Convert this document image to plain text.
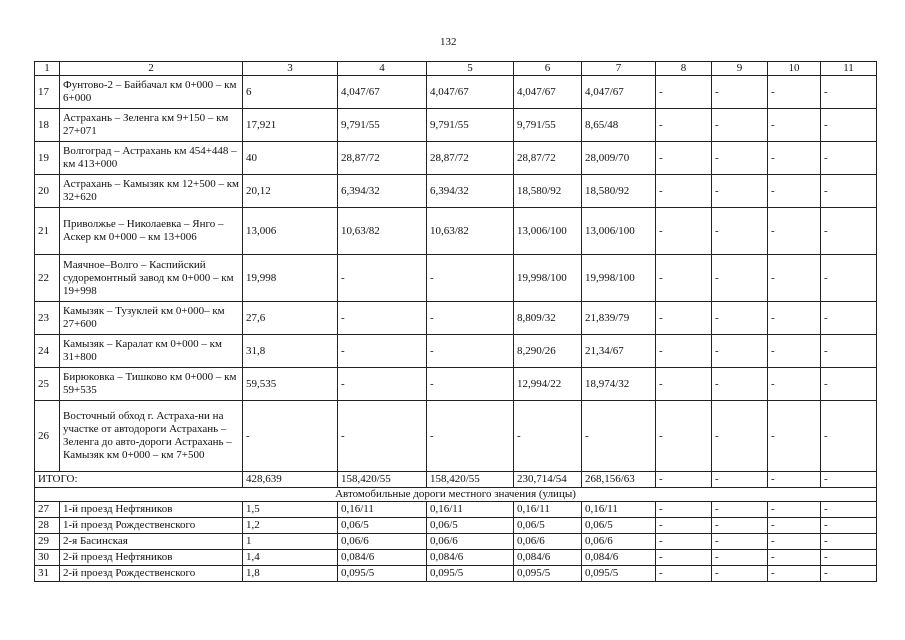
132
1	2	3	4	5	6	7	8	9	10	11
17	Фунтово-2 – Байбачал км 0+000 – км 6+000	6	4,047/67	4,047/67	4,047/67	4,047/67	-	-	-	-
18	Астрахань – Зеленга км 9+150 – км 27+071	17,921	9,791/55	9,791/55	9,791/55	8,65/48	-	-	-	-
19	Волгоград – Астрахань км 454+448 – км 413+000	40	28,87/72	28,87/72	28,87/72	28,009/70	-	-	-	-
20	Астрахань – Камызяк км 12+500 – км 32+620	20,12	6,394/32	6,394/32	18,580/92	18,580/92	-	-	-	-
21	Приволжье – Николаевка – Янго – Аскер км 0+000 – км 13+006	13,006	10,63/82	10,63/82	13,006/100	13,006/100	-	-	-	-
22	Маячное–Волго – Каспийский судоремонтный завод км 0+000 – км 19+998	19,998	-	-	19,998/100	19,998/100	-	-	-	-
23	Камызяк – Тузуклей км 0+000– км 27+600	27,6	-	-	8,809/32	21,839/79	-	-	-	-
24	Камызяк – Каралат км 0+000 – км 31+800	31,8	-	-	8,290/26	21,34/67	-	-	-	-
25	Бирюковка – Тишково км 0+000 – км 59+535	59,535	-	-	12,994/22	18,974/32	-	-	-	-
26	Восточный обход г. Астраха-ни на участке от автодороги Астрахань – Зеленга до авто-дороги Астрахань – Камызяк км 0+000 – км 7+500	-	-	-	-	-	-	-	-	-
ИТОГО:		428,639	158,420/55	158,420/55	230,714/54	268,156/63	-	-	-	-
Автомобильные дороги местного значения (улицы)										
27	1-й проезд Нефтяников	1,5	0,16/11	0,16/11	0,16/11	0,16/11	-	-	-	-
28	1-й проезд Рождественского	1,2	0,06/5	0,06/5	0,06/5	0,06/5	-	-	-	-
29	2-я Басинская	1	0,06/6	0,06/6	0,06/6	0,06/6	-	-	-	-
30	2-й проезд Нефтяников	1,4	0,084/6	0,084/6	0,084/6	0,084/6	-	-	-	-
31	2-й проезд Рождественского	1,8	0,095/5	0,095/5	0,095/5	0,095/5	-	-	-	-
